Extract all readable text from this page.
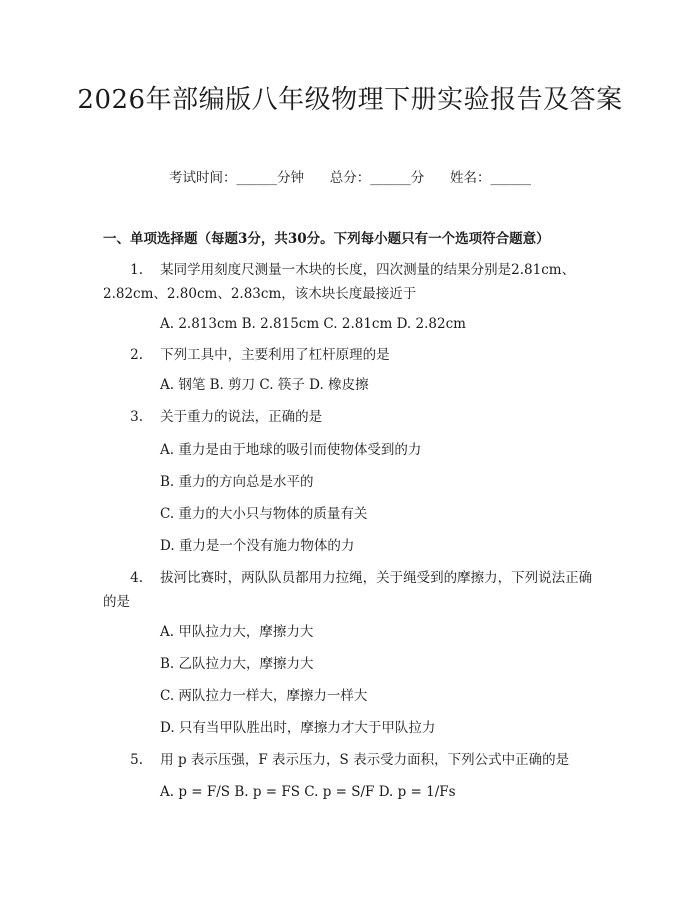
2026年部编版八年级物理下册实验报告及答案
考试时间：______分钟 总分：______分 姓名：______
一、单项选择题（每题3分，共30分。下列每小题只有一个选项符合题意）
1. 某同学用刻度尺测量一木块的长度，四次测量的结果分别是2.81cm、2.82cm、2.80cm、2.83cm，该木块长度最接近于
A. 2.813cm B. 2.815cm C. 2.81cm D. 2.82cm
2. 下列工具中，主要利用了杠杆原理的是
A. 钢笔 B. 剪刀 C. 筷子 D. 橡皮擦
3. 关于重力的说法，正确的是
A. 重力是由于地球的吸引而使物体受到的力
B. 重力的方向总是水平的
C. 重力的大小只与物体的质量有关
D. 重力是一个没有施力物体的力
4. 拔河比赛时，两队队员都用力拉绳，关于绳受到的摩擦力，下列说法正确的是
A. 甲队拉力大，摩擦力大
B. 乙队拉力大，摩擦力大
C. 两队拉力一样大，摩擦力一样大
D. 只有当甲队胜出时，摩擦力才大于甲队拉力
5. 用 p 表示压强，F 表示压力，S 表示受力面积，下列公式中正确的是
A. p = F/S B. p = FS C. p = S/F D. p = 1/Fs
